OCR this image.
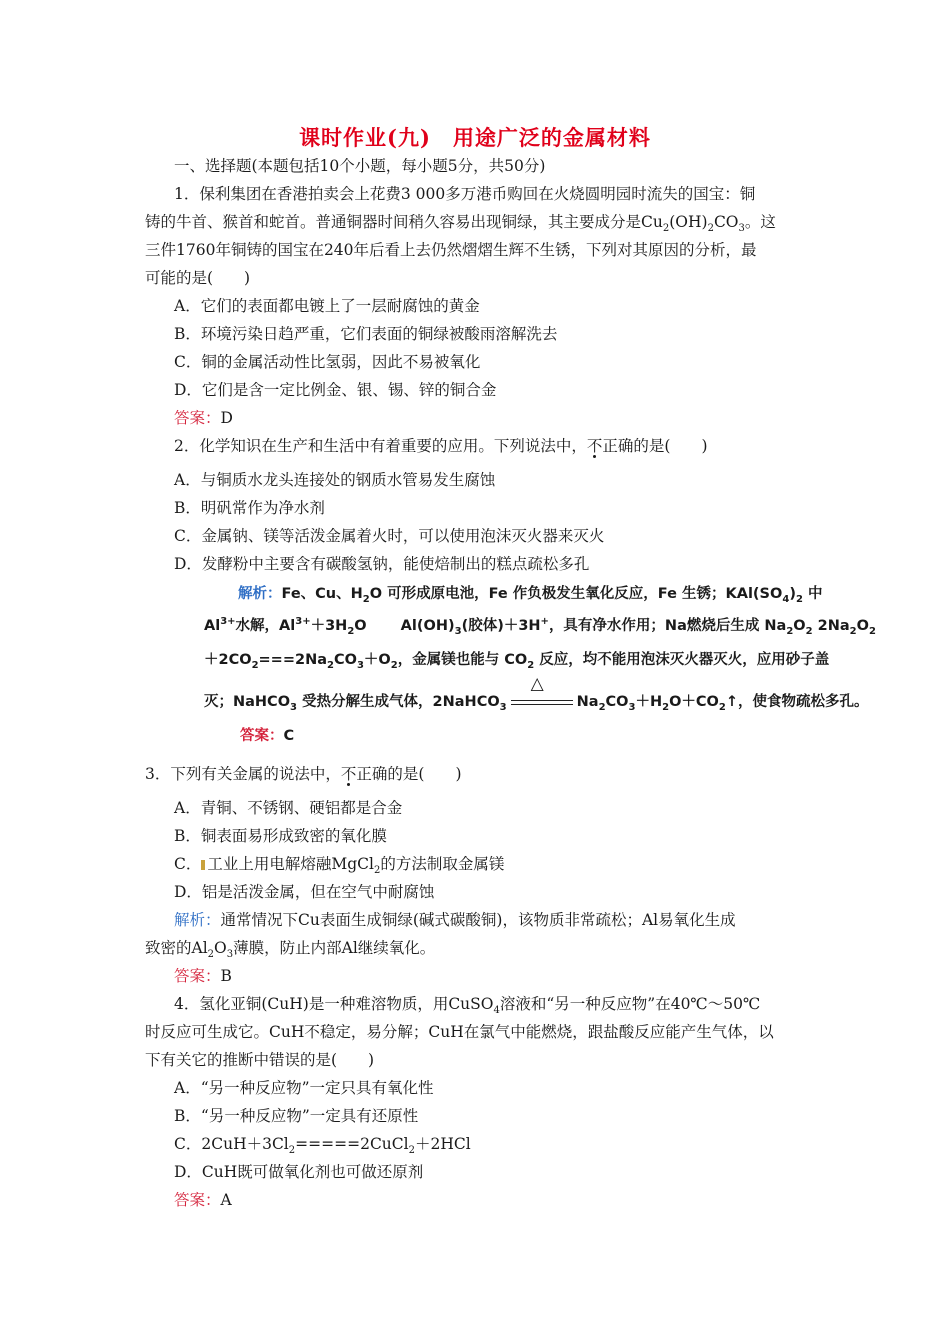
课时作业(九) 用途广泛的金属材料
一、选择题(本题包括10个小题，每小题5分，共50分)
1．保利集团在香港拍卖会上花费3 000多万港币购回在火烧圆明园时流失的国宝：铜
铸的牛首、猴首和蛇首。普通铜器时间稍久容易出现铜绿，其主要成分是$Cu_2(OH)_2CO_3$。这
三件1760年铜铸的国宝在240年后看上去仍然熠熠生辉不生锈，下列对其原因的分析，最
可能的是(　　)
A．它们的表面都电镀上了一层耐腐蚀的黄金
B．环境污染日趋严重，它们表面的铜绿被酸雨溶解洗去
C．铜的金属活动性比氢弱，因此不易被氧化
D．它们是含一定比例金、银、锡、锌的铜合金
答案：D
2．化学知识在生产和生活中有着重要的应用。下列说法中，不正确的是(　　)
A．与铜质水龙头连接处的钢质水管易发生腐蚀
B．明矾常作为净水剂
C．金属钠、镁等活泼金属着火时，可以使用泡沫灭火器来灭火
D．发酵粉中主要含有碳酸氢钠，能使焙制出的糕点疏松多孔
解析：Fe、Cu、$H_2O$ 可形成原电池，Fe 作负极发生氧化反应，Fe 生锈；$KAl(SO_4)_2$ 中
$Al^{3+}$水解，$Al^{3+}+3H_2O$　　 $Al(OH)_3$(胶体)＋3H+，具有净水作用；Na燃烧后生成 $Na_2O_2$ $2Na_2O_2$
$+2CO_2===2Na_2CO_3+O_2$，金属镁也能与 $CO_2$ 反应，均不能用泡沫灭火器灭火，应用砂子盖
灭；NaHCO$_3$ 受热分解生成气体，2NaHCO$_3$
△
$Na_2CO_3+H_2O+CO_2↑$，使食物疏松多孔。
答案：C
3．下列有关金属的说法中，不正确的是(　　)
A．青铜、不锈钢、硬铝都是合金
B．铜表面易形成致密的氧化膜
C． 工业上用电解熔融MgCl$_2$的方法制取金属镁
D．铝是活泼金属，但在空气中耐腐蚀
解析：通常情况下Cu表面生成铜绿(碱式碳酸铜)，该物质非常疏松；Al易氧化生成
致密的$Al_2O_3$薄膜，防止内部Al继续氧化。
答案：B
4．氢化亚铜(CuH)是一种难溶物质，用CuSO$_4$溶液和“另一种反应物”在40℃～50℃
时反应可生成它。CuH不稳定，易分解；CuH在氯气中能燃烧，跟盐酸反应能产生气体，以
下有关它的推断中错误的是(　　)
A．“另一种反应物”一定只具有氧化性
B．“另一种反应物”一定具有还原性
C．$2CuH+3Cl_2=====2CuCl_2+2HCl$
D．CuH既可做氧化剂也可做还原剂
答案：A
